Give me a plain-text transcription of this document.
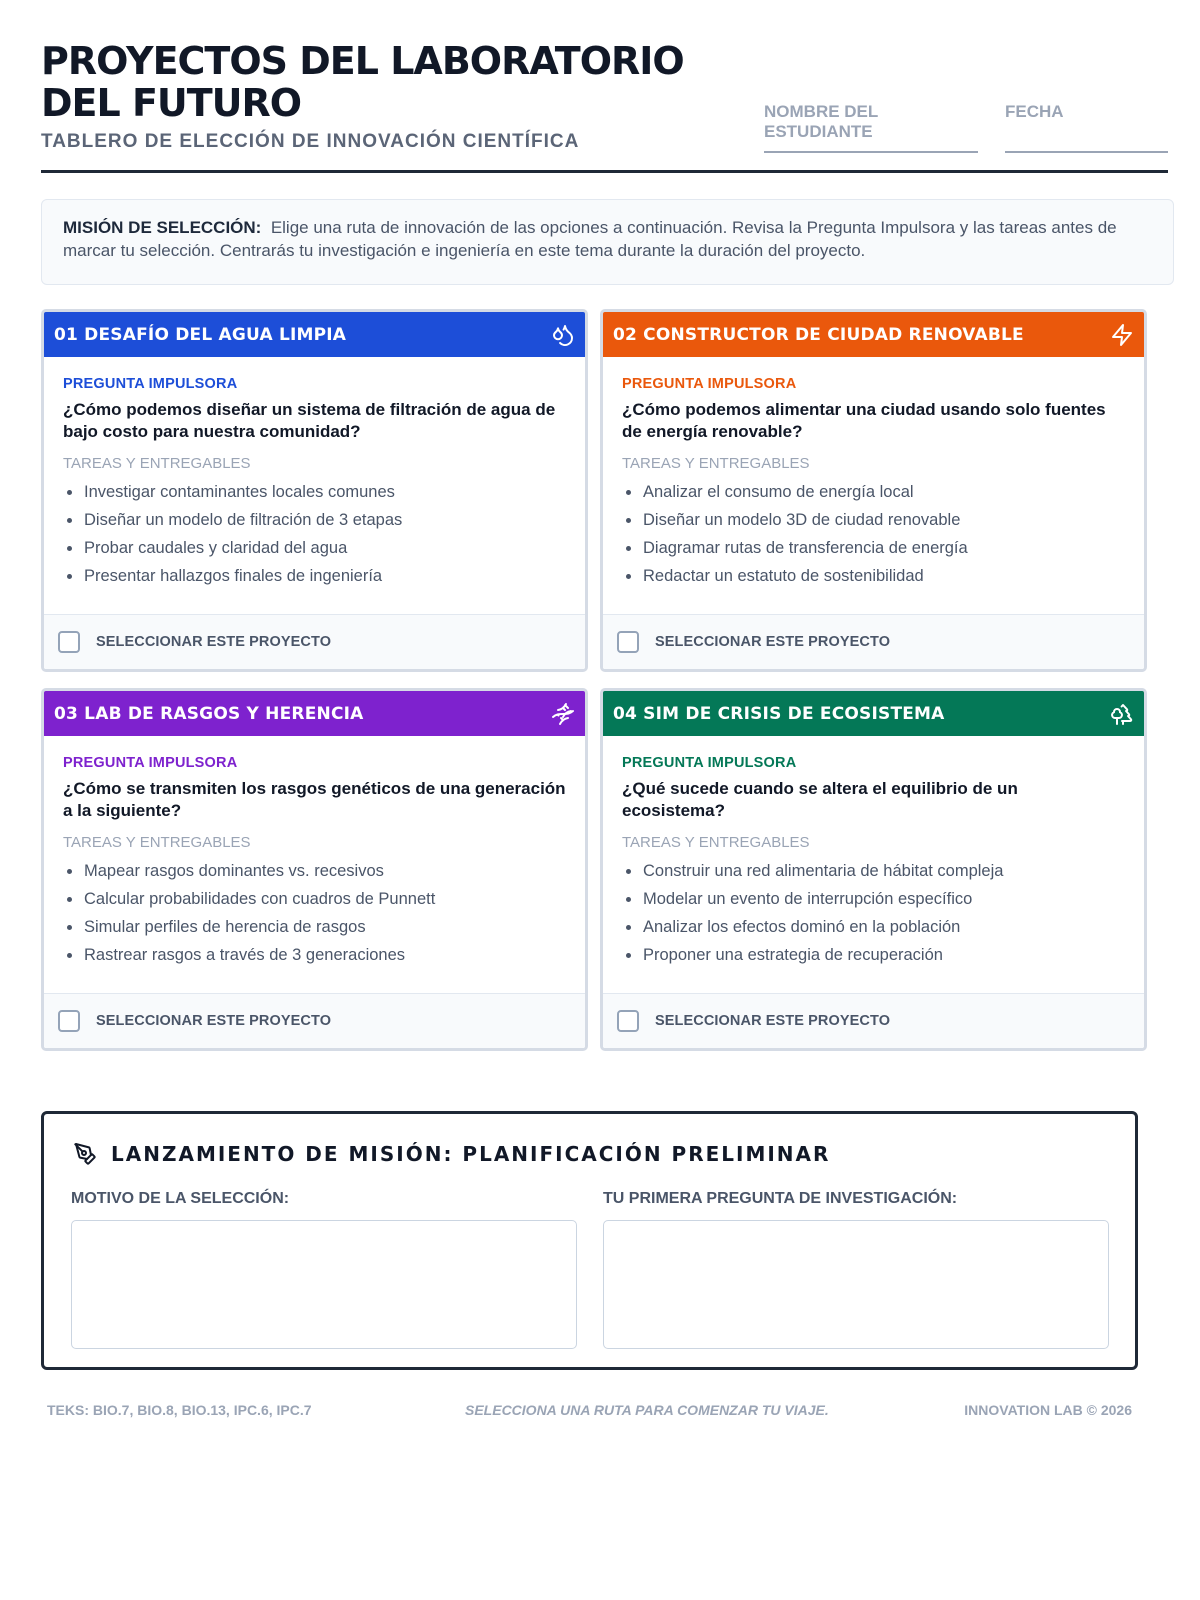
PROYECTOS DEL LABORATORIO
DEL FUTURO
TABLERO DE ELECCIÓN DE INNOVACIÓN CIENTÍFICA
NOMBRE DEL ESTUDIANTE
FECHA
MISIÓN DE SELECCIÓN: Elige una ruta de innovación de las opciones a continuación. Revisa la Pregunta Impulsora y las tareas antes de marcar tu selección. Centrarás tu investigación e ingeniería en este tema durante la duración del proyecto.
01 DESAFÍO DEL AGUA LIMPIA
PREGUNTA IMPULSORA
¿Cómo podemos diseñar un sistema de filtración de agua de bajo costo para nuestra comunidad?
TAREAS Y ENTREGABLES
• Investigar contaminantes locales comunes
• Diseñar un modelo de filtración de 3 etapas
• Probar caudales y claridad del agua
• Presentar hallazgos finales de ingeniería
SELECCIONAR ESTE PROYECTO
02 CONSTRUCTOR DE CIUDAD RENOVABLE
PREGUNTA IMPULSORA
¿Cómo podemos alimentar una ciudad usando solo fuentes de energía renovable?
TAREAS Y ENTREGABLES
• Analizar el consumo de energía local
• Diseñar un modelo 3D de ciudad renovable
• Diagramar rutas de transferencia de energía
• Redactar un estatuto de sostenibilidad
SELECCIONAR ESTE PROYECTO
03 LAB DE RASGOS Y HERENCIA
PREGUNTA IMPULSORA
¿Cómo se transmiten los rasgos genéticos de una generación a la siguiente?
TAREAS Y ENTREGABLES
• Mapear rasgos dominantes vs. recesivos
• Calcular probabilidades con cuadros de Punnett
• Simular perfiles de herencia de rasgos
• Rastrear rasgos a través de 3 generaciones
SELECCIONAR ESTE PROYECTO
04 SIM DE CRISIS DE ECOSISTEMA
PREGUNTA IMPULSORA
¿Qué sucede cuando se altera el equilibrio de un ecosistema?
TAREAS Y ENTREGABLES
• Construir una red alimentaria de hábitat compleja
• Modelar un evento de interrupción específico
• Analizar los efectos dominó en la población
• Proponer una estrategia de recuperación
SELECCIONAR ESTE PROYECTO
LANZAMIENTO DE MISIÓN: PLANIFICACIÓN PRELIMINAR
MOTIVO DE LA SELECCIÓN:	TU PRIMERA PREGUNTA DE INVESTIGACIÓN:
TEKS: BIO.7, BIO.8, BIO.13, IPC.6, IPC.7	SELECCIONA UNA RUTA PARA COMENZAR TU VIAJE.	INNOVATION LAB © 2026
